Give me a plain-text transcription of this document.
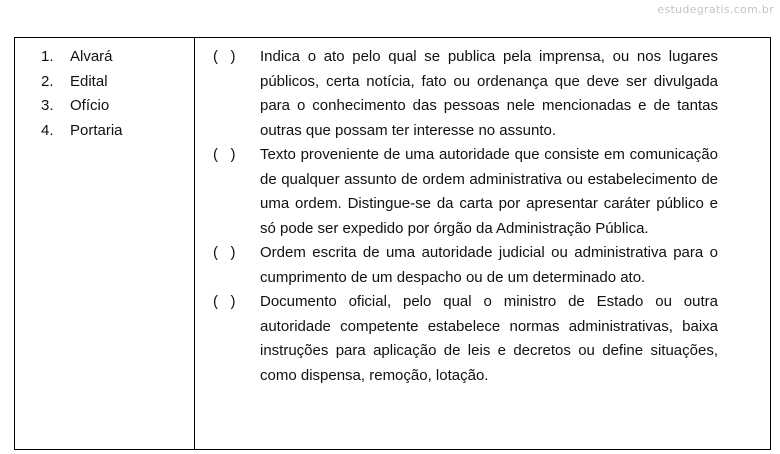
estudegratis.com.br
1. Alvará
2. Edital
3. Ofício
4. Portaria
(   ) Indica o ato pelo qual se publica pela imprensa, ou nos lugares públicos, certa notícia, fato ou ordenança que deve ser divulgada para o conhecimento das pessoas nele mencionadas e de tantas outras que possam ter interesse no assunto.

(   ) Texto proveniente de uma autoridade que consiste em comunicação de qualquer assunto de ordem administrativa ou estabelecimento de uma ordem. Distingue-se da carta por apresentar caráter público e só pode ser expedido por órgão da Administração Pública.

(   ) Ordem escrita de uma autoridade judicial ou administrativa para o cumprimento de um despacho ou de um determinado ato.

(   ) Documento oficial, pelo qual o ministro de Estado ou outra autoridade competente estabelece normas administrativas, baixa instruções para aplicação de leis e decretos ou define situações, como dispensa, remoção, lotação.
